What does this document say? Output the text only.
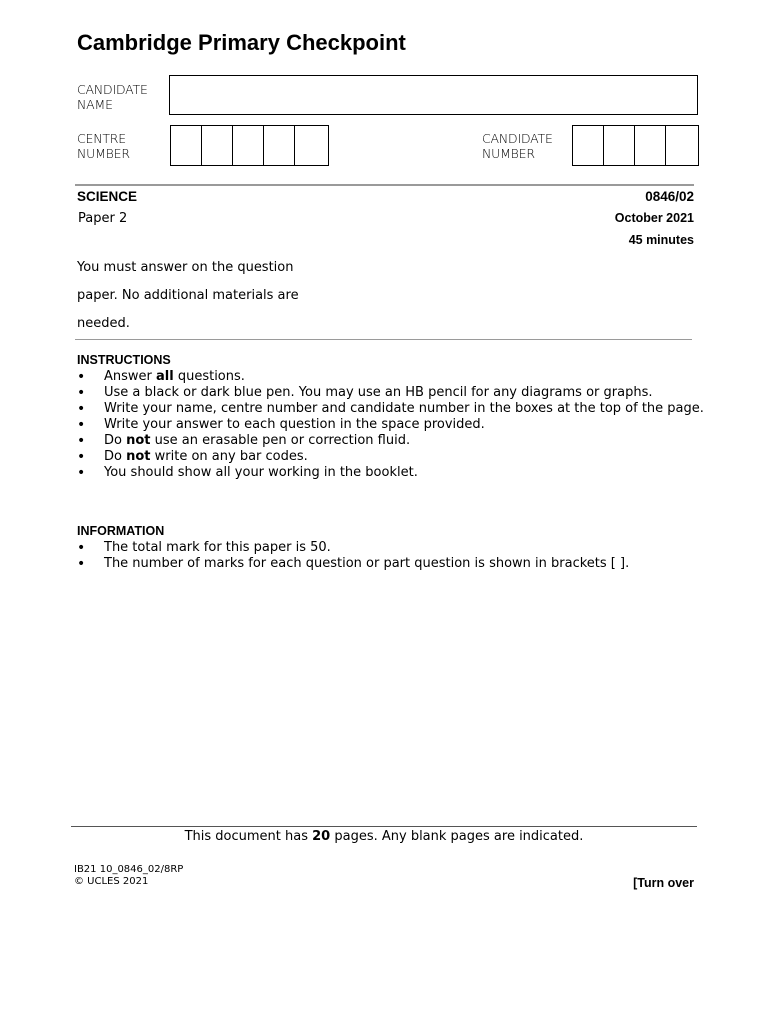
Cambridge Primary Checkpoint
CANDIDATE
NAME
CENTRE
NUMBER
CANDIDATE
NUMBER
SCIENCE	0846/02
Paper 2	October 2021
45 minutes

You must answer on the question

paper. No additional materials are

needed.

INSTRUCTIONS
• Answer all questions.
• Use a black or dark blue pen. You may use an HB pencil for any diagrams or graphs.
• Write your name, centre number and candidate number in the boxes at the top of the page.
• Write your answer to each question in the space provided.
• Do not use an erasable pen or correction fluid.
• Do not write on any bar codes.
• You should show all your working in the booklet.
INFORMATION
• The total mark for this paper is 50.
• The number of marks for each question or part question is shown in brackets [ ].
This document has 20 pages. Any blank pages are indicated.
IB21 10_0846_02/8RP
© UCLES 2021	[Turn over
